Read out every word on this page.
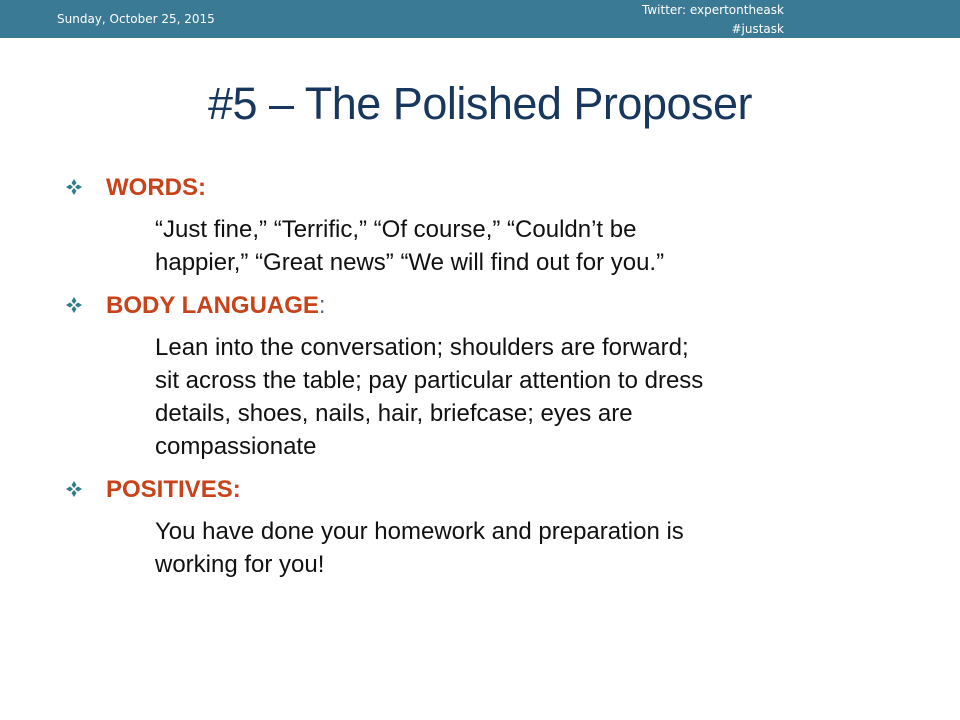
Sunday, October 25, 2015
Twitter: expertontheask
#justask
#5 – The Polished Proposer
WORDS:
“Just fine,” “Terrific,” “Of course,” “Couldn’t be
happier,” “Great news” “We will find out for you.”
BODY LANGUAGE:
Lean into the conversation; shoulders are forward;
sit across the table; pay particular attention to dress
details, shoes, nails, hair, briefcase; eyes are
compassionate
POSITIVES:
You have done your homework and preparation is
working for you!
